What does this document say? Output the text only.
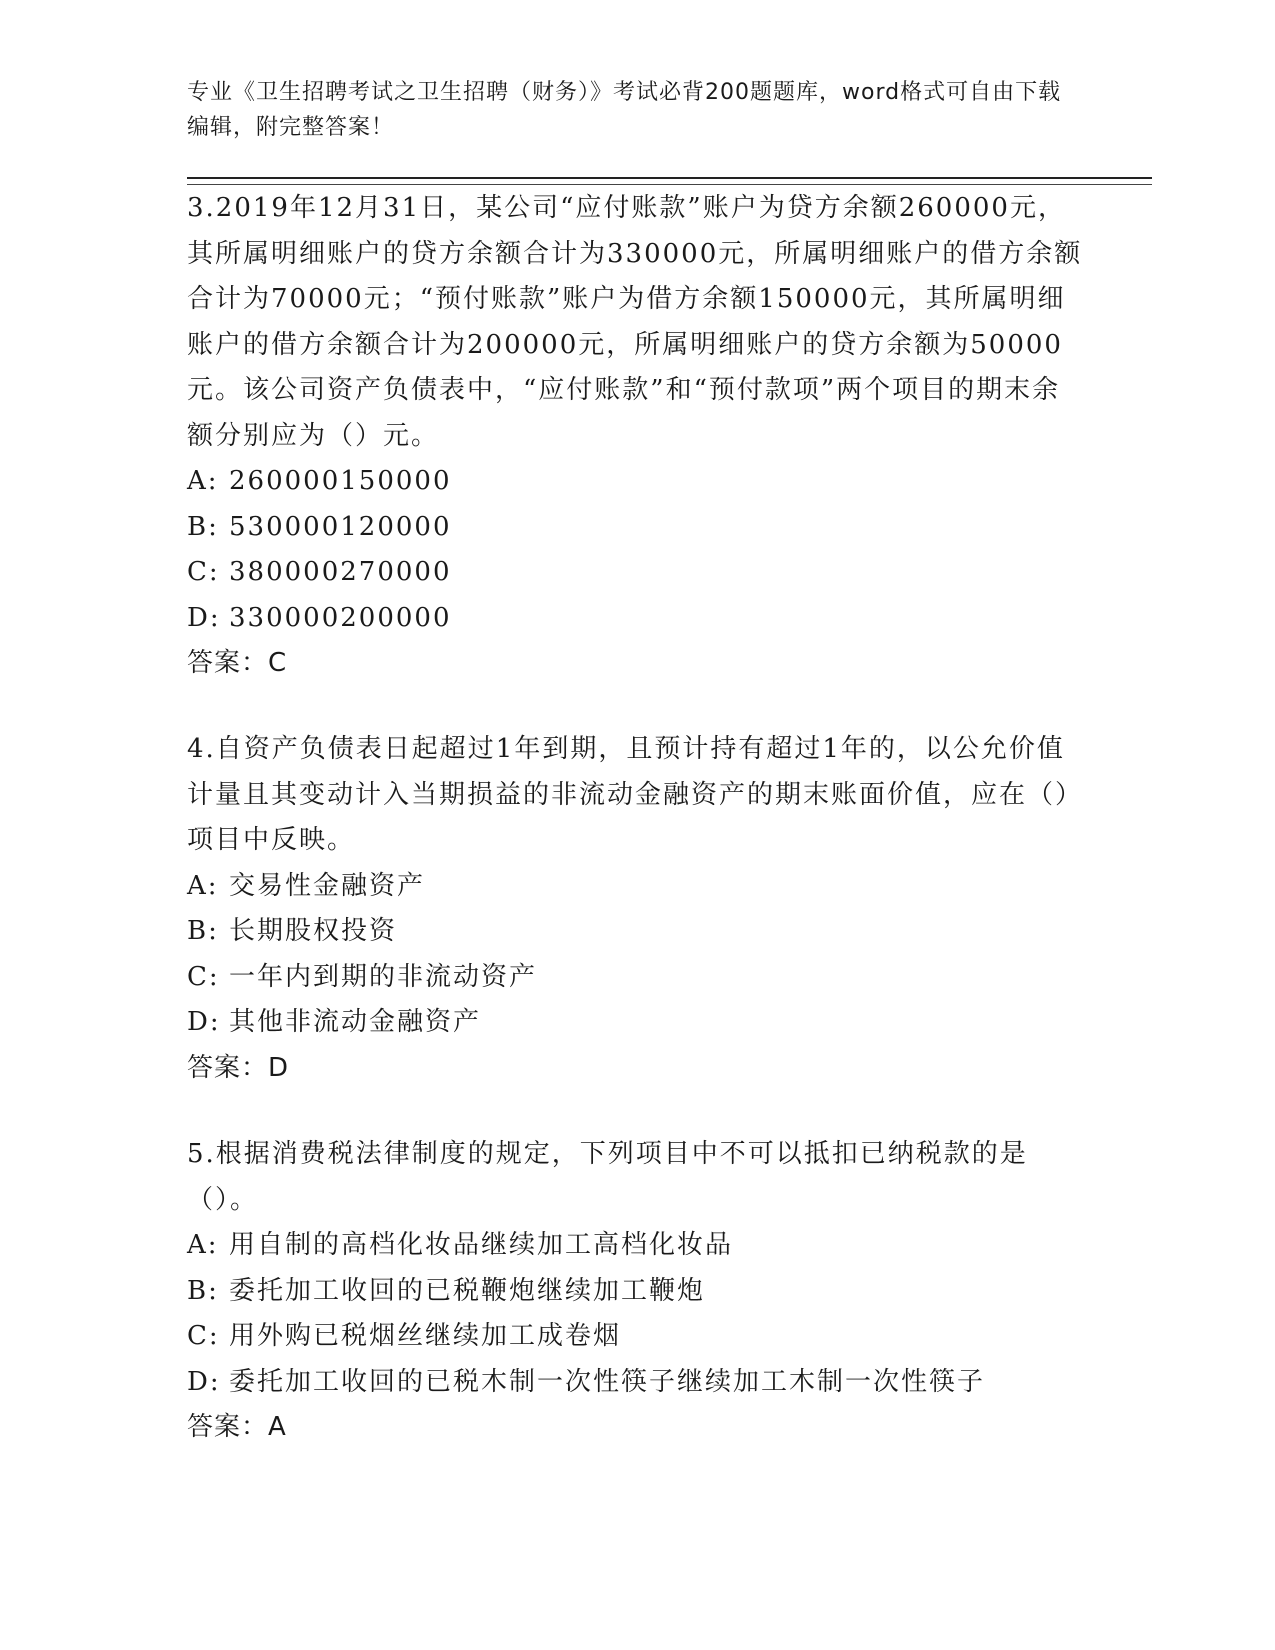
专业《卫生招聘考试之卫生招聘（财务）》考试必背200题题库，word格式可自由下载编辑，附完整答案！
3.2019年12月31日，某公司“应付账款”账户为贷方余额260000元，其所属明细账户的贷方余额合计为330000元，所属明细账户的借方余额合计为70000元；“预付账款”账户为借方余额150000元，其所属明细账户的借方余额合计为200000元，所属明细账户的贷方余额为50000元。该公司资产负债表中，“应付账款”和“预付款项”两个项目的期末余额分别应为（）元。
A: 260000150000
B: 530000120000
C: 380000270000
D: 330000200000
答案：C
4.自资产负债表日起超过1年到期，且预计持有超过1年的，以公允价值计量且其变动计入当期损益的非流动金融资产的期末账面价值，应在（）项目中反映。
A: 交易性金融资产
B: 长期股权投资
C: 一年内到期的非流动资产
D: 其他非流动金融资产
答案：D
5.根据消费税法律制度的规定，下列项目中不可以抵扣已纳税款的是（）。
A: 用自制的高档化妆品继续加工高档化妆品
B: 委托加工收回的已税鞭炮继续加工鞭炮
C: 用外购已税烟丝继续加工成卷烟
D: 委托加工收回的已税木制一次性筷子继续加工木制一次性筷子
答案：A
